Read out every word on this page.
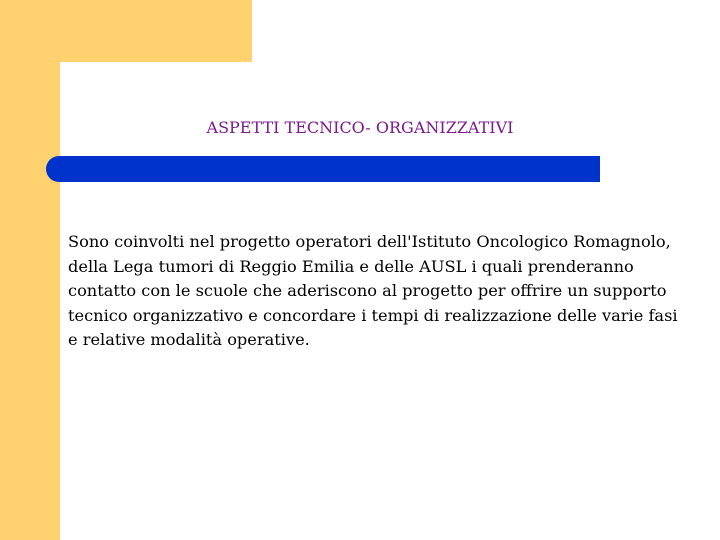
ASPETTI TECNICO- ORGANIZZATIVI

Sono coinvolti nel progetto operatori dell'Istituto Oncologico Romagnolo, della Lega tumori di Reggio Emilia e delle AUSL i quali prenderanno contatto con le scuole che aderiscono al progetto per offrire un supporto tecnico organizzativo e concordare i tempi di realizzazione delle varie fasi e relative modalità operative.
